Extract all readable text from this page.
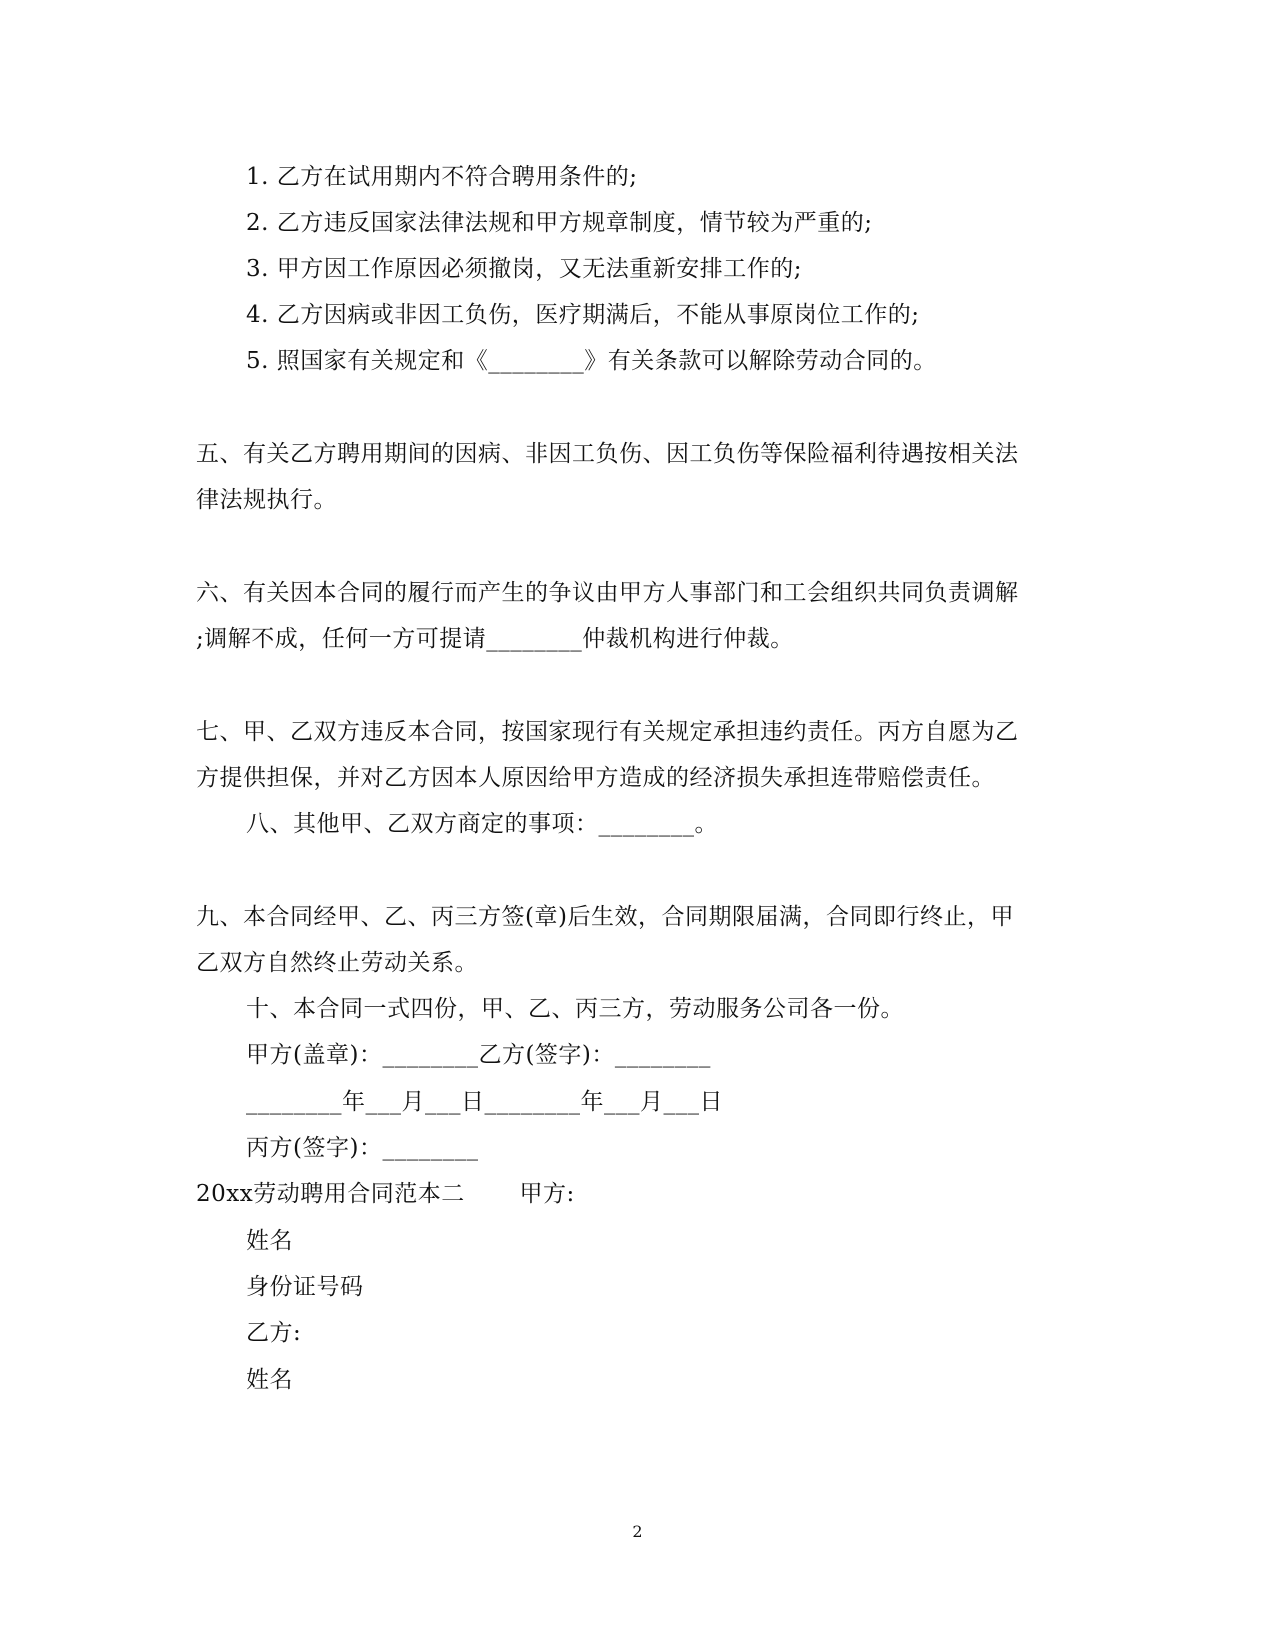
1. 乙方在试用期内不符合聘用条件的;
2. 乙方违反国家法律法规和甲方规章制度，情节较为严重的;
3. 甲方因工作原因必须撤岗，又无法重新安排工作的;
4. 乙方因病或非因工负伤，医疗期满后，不能从事原岗位工作的;
5. 照国家有关规定和《________》有关条款可以解除劳动合同的。
五、有关乙方聘用期间的因病、非因工负伤、因工负伤等保险福利待遇按相关法
律法规执行。
六、有关因本合同的履行而产生的争议由甲方人事部门和工会组织共同负责调解
;调解不成，任何一方可提请________仲裁机构进行仲裁。
七、甲、乙双方违反本合同，按国家现行有关规定承担违约责任。丙方自愿为乙
方提供担保，并对乙方因本人原因给甲方造成的经济损失承担连带赔偿责任。
八、其他甲、乙双方商定的事项：________。
九、本合同经甲、乙、丙三方签(章)后生效，合同期限届满，合同即行终止，甲
乙双方自然终止劳动关系。
十、本合同一式四份，甲、乙、丙三方，劳动服务公司各一份。
甲方(盖章)：________乙方(签字)：________
________年___月___日________年___月___日
丙方(签字)：________
20xx劳动聘用合同范本二　　 甲方:
姓名
身份证号码
乙方:
姓名
2
